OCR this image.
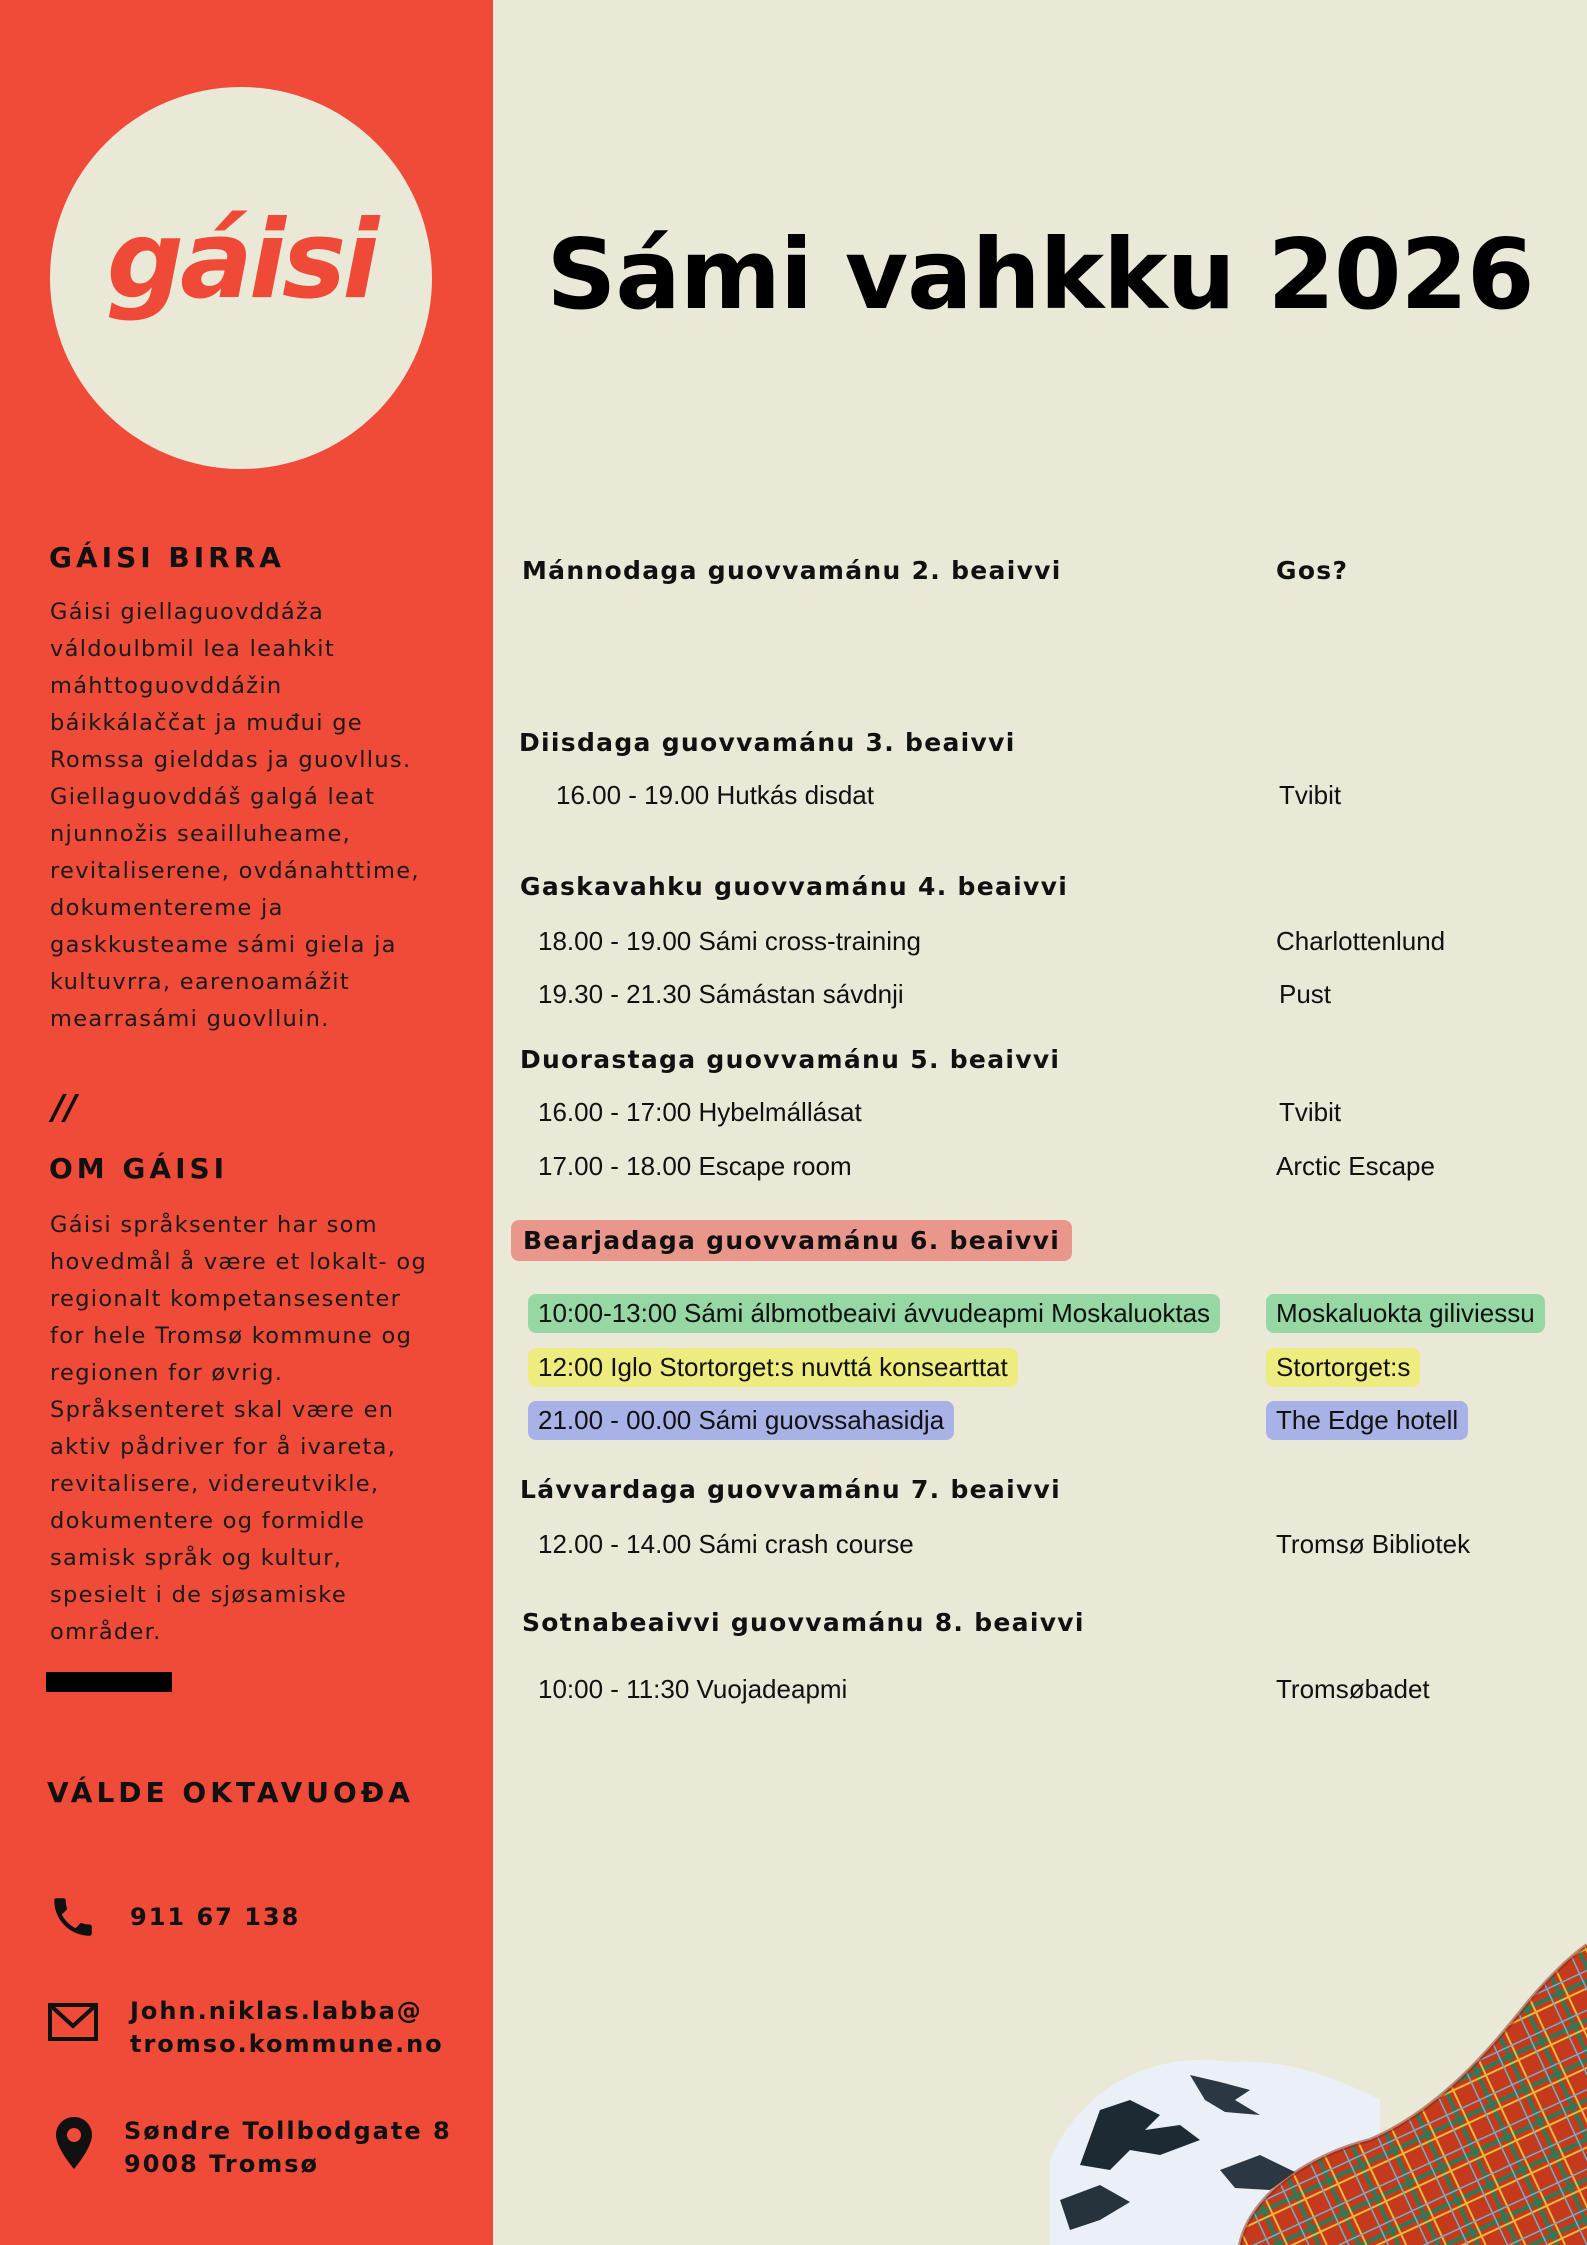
gáisi
GÁISI BIRRA

Gáisi giellaguovddáža váldoulbmil lea leahkit máhttoguovddážin báikkálaččat ja muđui ge Romssa gielddas ja guovllus. Giellaguovddáš galgá leat njunnožis seailluheame, revitaliserene, ovdánahttime, dokumentereme ja gaskkusteame sámi giela ja kultuvrra, earenoamážit mearrasámi guovlluin.

//
OM GÁISI

Gáisi språksenter har som hovedmål å være et lokalt- og regionalt kompetansesenter for hele Tromsø kommune og regionen for øvrig. Språksenteret skal være en aktiv pådriver for å ivareta, revitalisere, videreutvikle, dokumentere og formidle samisk språk og kultur, spesielt i de sjøsamiske områder.

VÁLDE OKTAVUOĐA
911 67 138
John.niklas.labba@
tromso.kommune.no
Søndre Tollbodgate 8
9008 Tromsø
Sámi vahkku 2026
Mánnodaga guovvamánu 2. beaivvi	Gos?
Diisdaga guovvamánu 3. beaivvi
16.00 - 19.00 Hutkás disdat	Tvibit
Gaskavahku guovvamánu 4. beaivvi
18.00 - 19.00 Sámi cross-training	Charlottenlund
19.30 - 21.30 Sámástan sávdnji	Pust
Duorastaga guovvamánu 5. beaivvi
16.00 - 17:00 Hybelmállásat	Tvibit
17.00 - 18.00 Escape room	Arctic Escape
Bearjadaga guovvamánu 6. beaivvi
10:00-13:00 Sámi álbmotbeaivi ávvudeapmi Moskaluoktas	Moskaluokta giliviessu
12:00 Iglo Stortorget:s nuvttá konsearttat	Stortorget:s
21.00 - 00.00 Sámi guovssahasidja	The Edge hotell
Lávvardaga guovvamánu 7. beaivvi
12.00 - 14.00 Sámi crash course	Tromsø Bibliotek
Sotnabeaivvi guovvamánu 8. beaivvi
10:00 - 11:30 Vuojadeapmi	Tromsøbadet
